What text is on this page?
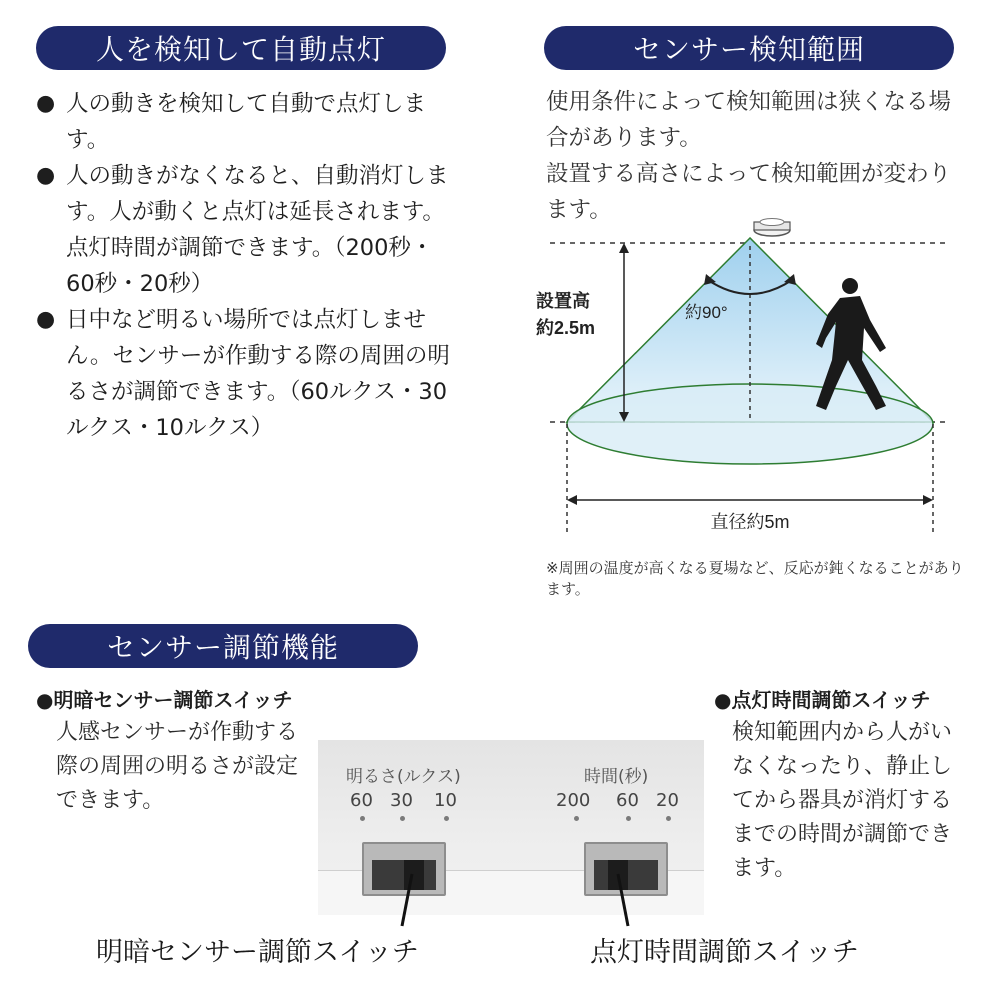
人を検知して自動点灯
● 人の動きを検知して自動で点灯します。
● 人の動きがなくなると、自動消灯します。人が動くと点灯は延長されます。点灯時間が調節できます。（200秒・60秒・20秒）
● 日中など明るい場所では点灯しません。センサーが作動する際の周囲の明るさが調節できます。（60ルクス・30ルクス・10ルクス）
センサー検知範囲
使用条件によって検知範囲は狭くなる場合があります。
設置する高さによって検知範囲が変わります。
約90°
設置高
約2.5m
直径約5m
※周囲の温度が高くなる夏場など、反応が鈍くなることがあります。
センサー調節機能
●明暗センサー調節スイッチ
人感センサーが作動する際の周囲の明るさが設定できます。
●点灯時間調節スイッチ
検知範囲内から人がいなくなったり、静止してから器具が消灯するまでの時間が調節できます。
明るさ(ルクス)
60 30 10
時間(秒)
200 60 20
明暗センサー調節スイッチ	点灯時間調節スイッチ
